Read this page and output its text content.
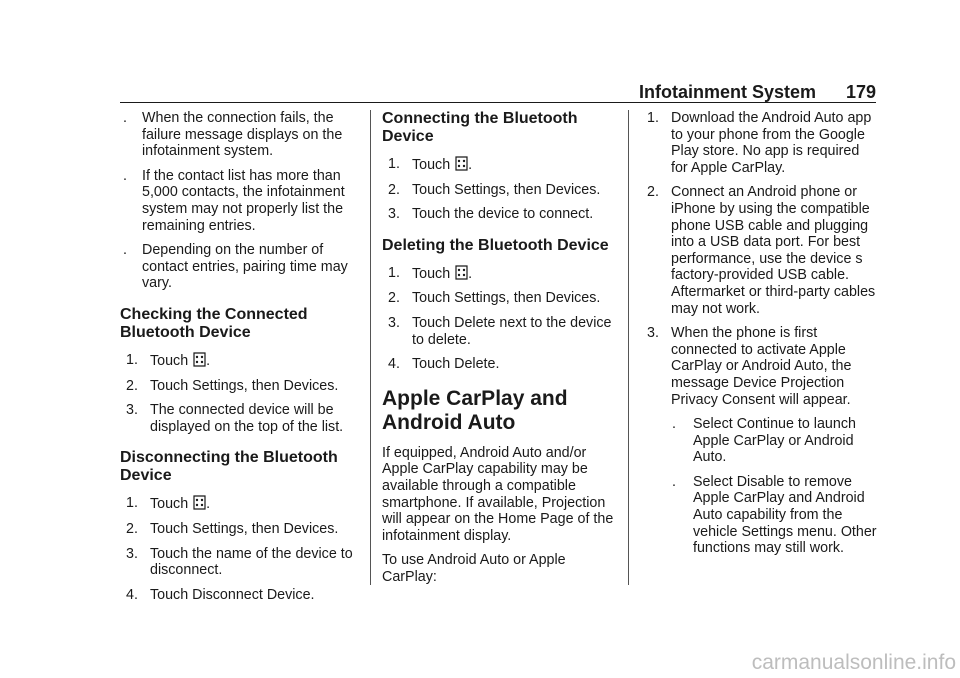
Infotainment System 179
. When the connection fails, the failure message displays on the infotainment system.
. If the contact list has more than 5,000 contacts, the infotainment system may not properly list the remaining entries.
. Depending on the number of contact entries, pairing time may vary.
Checking the Connected Bluetooth Device
1. Touch .
2. Touch Settings, then Devices.
3. The connected device will be displayed on the top of the list.
Disconnecting the Bluetooth Device
1. Touch .
2. Touch Settings, then Devices.
3. Touch the name of the device to disconnect.
4. Touch Disconnect Device.
Connecting the Bluetooth Device
1. Touch .
2. Touch Settings, then Devices.
3. Touch the device to connect.
Deleting the Bluetooth Device
1. Touch .
2. Touch Settings, then Devices.
3. Touch Delete next to the device to delete.
4. Touch Delete.
Apple CarPlay and Android Auto
If equipped, Android Auto and/or Apple CarPlay capability may be available through a compatible smartphone. If available, Projection will appear on the Home Page of the infotainment display.
To use Android Auto or Apple CarPlay:
1. Download the Android Auto app to your phone from the Google Play store. No app is required for Apple CarPlay.
2. Connect an Android phone or iPhone by using the compatible phone USB cable and plugging into a USB data port. For best performance, use the device s factory-provided USB cable. Aftermarket or third-party cables may not work.
3. When the phone is first connected to activate Apple CarPlay or Android Auto, the message Device Projection Privacy Consent will appear.
. Select Continue to launch Apple CarPlay or Android Auto.
. Select Disable to remove Apple CarPlay and Android Auto capability from the vehicle Settings menu. Other functions may still work.
carmanualsonline.info
